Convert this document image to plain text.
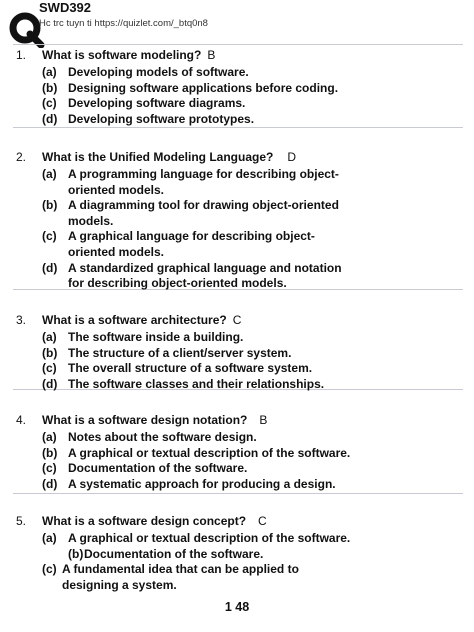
SWD392
Hc trc tuyn ti https://quizlet.com/_btq0n8
1. What is software modeling? B
(a) Developing models of software.
(b) Designing software applications before coding.
(c) Developing software diagrams.
(d) Developing software prototypes.
2. What is the Unified Modeling Language? D
(a) A programming language for describing object-oriented models.
(b) A diagramming tool for drawing object-oriented models.
(c) A graphical language for describing object-oriented models.
(d) A standardized graphical language and notation for describing object-oriented models.
3. What is a software architecture? C
(a) The software inside a building.
(b) The structure of a client/server system.
(c) The overall structure of a software system.
(d) The software classes and their relationships.
4. What is a software design notation? B
(a) Notes about the software design.
(b) A graphical or textual description of the software.
(c) Documentation of the software.
(d) A systematic approach for producing a design.
5. What is a software design concept? C
(a) A graphical or textual description of the software.
(b) Documentation of the software.
(c) A fundamental idea that can be applied to designing a system.
1 48
